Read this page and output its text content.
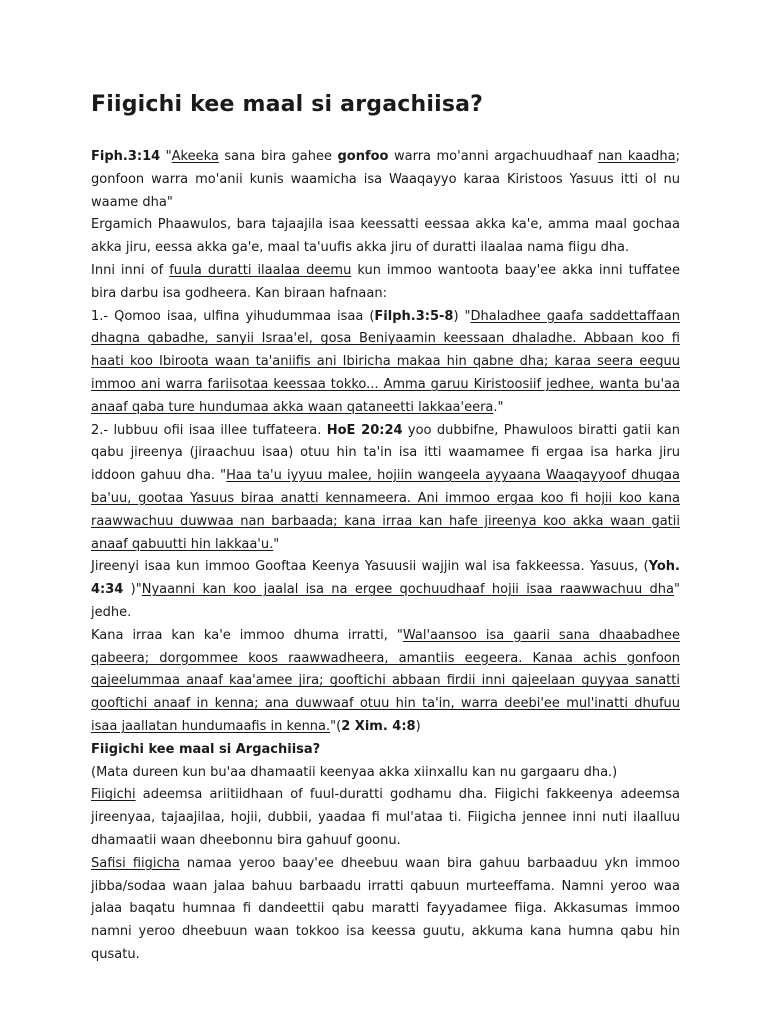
Fiigichi kee maal si argachiisa?

Fiph.3:14 "Akeeka sana bira gahee gonfoo warra mo'anni argachuudhaaf nan kaadha; gonfoon warra mo'anii kunis waamicha isa Waaqayyo karaa Kiristoos Yasuus itti ol nu waame dha"

Ergamich Phaawulos, bara tajaajila isaa keessatti eessaa akka ka'e, amma maal gochaa akka jiru, eessa akka ga'e, maal ta'uufis akka jiru of duratti ilaalaa nama fiigu dha.

Inni inni of fuula duratti ilaalaa deemu kun immoo wantoota baay'ee akka inni tuffatee bira darbu isa godheera. Kan biraan hafnaan:

1.- Qomoo isaa, ulfina yihudummaa isaa (Filph.3:5-8) "Dhaladhee gaafa saddettaffaan dhagna qabadhe, sanyii Israa'el, gosa Beniyaamin keessaan dhaladhe. Abbaan koo fi haati koo Ibiroota waan ta'aniifis ani Ibiricha makaa hin qabne dha; karaa seera eeguu immoo ani warra fariisotaa keessaa tokko... Amma garuu Kiristoosiif jedhee, wanta bu'aa anaaf qaba ture hundumaa akka waan qataneetti lakkaa'eera."

2.- lubbuu ofii isaa illee tuffateera. HoE 20:24 yoo dubbifne, Phawuloos biratti gatii kan qabu jireenya (jiraachuu isaa) otuu hin ta'in isa itti waamamee fi ergaa isa harka jiru iddoon gahuu dha. "Haa ta'u iyyuu malee, hojiin wangeela ayyaana Waaqayyoof dhugaa ba'uu, gootaa Yasuus biraa anatti kennameera. Ani immoo ergaa koo fi hojii koo kana raawwachuu duwwaa nan barbaada; kana irraa kan hafe jireenya koo akka waan gatii anaaf qabuutti hin lakkaa'u."

Jireenyi isaa kun immoo Gooftaa Keenya Yasuusii wajjin wal isa fakkeessa. Yasuus, (Yoh. 4:34 )"Nyaanni kan koo jaalal isa na ergee qochuudhaaf hojii isaa raawwachuu dha" jedhe.

Kana irraa kan ka'e immoo dhuma irratti, "Wal'aansoo isa gaarii sana dhaabadhee qabeera; dorgommee koos raawwadheera, amantiis eegeera. Kanaa achis gonfoon qajeelummaa anaaf kaa'amee jira; gooftichi abbaan firdii inni qajeelaan guyyaa sanatti gooftichi anaaf in kenna; ana duwwaaf otuu hin ta'in, warra deebi'ee mul'inatti dhufuu isaa jaallatan hundumaafis in kenna."(2 Xim. 4:8)

Fiigichi kee maal si Argachiisa?

(Mata dureen kun bu'aa dhamaatii keenyaa akka xiinxallu kan nu gargaaru dha.)

Fiigichi adeemsa ariitiidhaan of fuul-duratti godhamu dha. Fiigichi fakkeenya adeemsa jireenyaa, tajaajilaa, hojii, dubbii, yaadaa fi mul'ataa ti. Fiigicha jennee inni nuti ilaalluu dhamaatii waan dheebonnu bira gahuuf goonu.

Safisi fiigicha namaa yeroo baay'ee dheebuu waan bira gahuu barbaaduu ykn immoo jibba/sodaa waan jalaa bahuu barbaadu irratti qabuun murteeffama. Namni yeroo waa jalaa baqatu humnaa fi dandeettii qabu maratti fayyadamee fiiga. Akkasumas immoo namni yeroo dheebuun waan tokkoo isa keessa guutu, akkuma kana humna qabu hin qusatu.
